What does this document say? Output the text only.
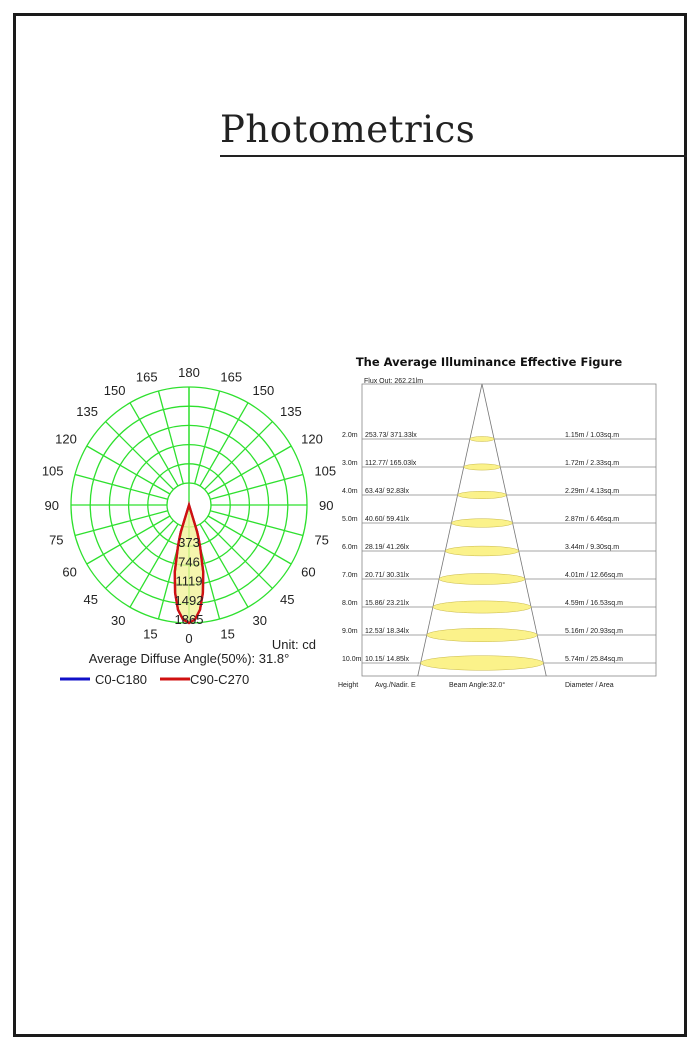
Photometrics
165
150
135
120
105
90
75
60
45
30
15
180
165
150
135
120
105
90
75
60
45
30
15 0
373
746
1119
1492
1865
Unit: cd
Average Diffuse Angle(50%): 31.8°
C0-C180	C90-C270
The Average Illuminance Effective Figure
Flux Out: 262.21lm
2.0m 253.73/ 371.33lx	1.15m / 1.03sq.m
3.0m 112.77/ 165.03lx	1.72m / 2.33sq.m
4.0m 63.43/ 92.83lx	2.29m / 4.13sq.m
5.0m 40.60/ 59.41lx	2.87m / 6.46sq.m
6.0m 28.19/ 41.26lx	3.44m / 9.30sq.m
7.0m 20.71/ 30.31lx	4.01m / 12.66sq.m
8.0m 15.86/ 23.21lx	4.59m / 16.53sq.m
9.0m 12.53/ 18.34lx	5.16m / 20.93sq.m
10.0m 10.15/ 14.85lx	5.74m / 25.84sq.m
Height Avg./Nadir. E	Beam Angle:32.0°	Diameter / Area
